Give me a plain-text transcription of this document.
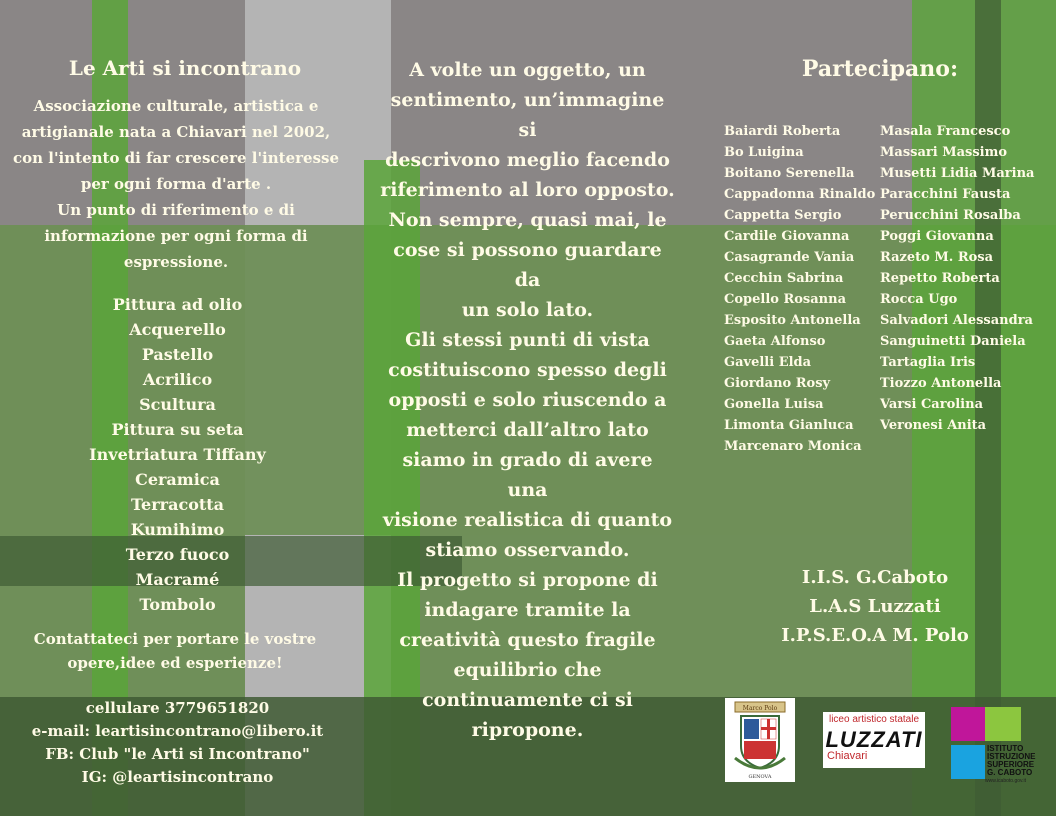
Le Arti si incontrano
Associazione culturale, artistica e
artigianale nata a Chiavari nel 2002,
con l'intento di far crescere l'interesse
per ogni forma d'arte .
Un punto di riferimento e di
informazione per ogni forma di
espressione.
Pittura ad olio
Acquerello
Pastello
Acrilico
Scultura
Pittura su seta
Invetriatura Tiffany
Ceramica
Terracotta
Kumihimo
Terzo fuoco
Macramé
Tombolo
Contattateci per portare le vostre
opere,idee ed esperienze!
cellulare 3779651820
e-mail: leartisincontrano@libero.it
FB: Club "le Arti si Incontrano"
IG: @leartisincontrano
A volte un oggetto, un
sentimento, un’immagine si
descrivono meglio facendo
riferimento al loro opposto.
Non sempre, quasi mai, le
cose si possono guardare da
un solo lato.
Gli stessi punti di vista
costituiscono spesso degli
opposti e solo riuscendo a
metterci dall’altro lato
siamo in grado di avere una
visione realistica di quanto
stiamo osservando.
Il progetto si propone di
indagare tramite la
creatività questo fragile
equilibrio che
continuamente ci si
ripropone.
Partecipano:
Baiardi Roberta
Bo Luigina
Boitano Serenella
Cappadonna Rinaldo
Cappetta Sergio
Cardile Giovanna
Casagrande Vania
Cecchin Sabrina
Copello Rosanna
Esposito Antonella
Gaeta Alfonso
Gavelli Elda
Giordano Rosy
Gonella Luisa
Limonta Gianluca
Marcenaro Monica
Masala Francesco
Massari Massimo
Musetti Lidia Marina
Paracchini Fausta
Perucchini Rosalba
Poggi Giovanna
Razeto M. Rosa
Repetto Roberta
Rocca Ugo
Salvadori Alessandra
Sanguinetti Daniela
Tartaglia Iris
Tiozzo Antonella
Varsi Carolina
Veronesi Anita
I.I.S. G.Caboto
L.A.S Luzzati
I.P.S.E.O.A M. Polo
Marco Polo
GENOVA
liceo artistico statale
LUZZATI
Chiavari
ISTITUTO
ISTRUZIONE
SUPERIORE
G. CABOTO
www.icaboto.gov.it
